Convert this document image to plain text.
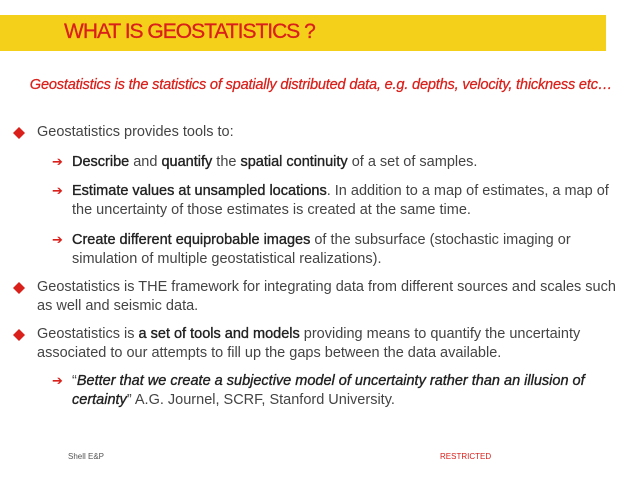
WHAT IS GEOSTATISTICS ?
Geostatistics is the statistics of spatially distributed data, e.g. depths, velocity, thickness etc…
Geostatistics provides tools to:
➔ Describe and quantify the spatial continuity of a set of samples.
➔ Estimate values at unsampled locations. In addition to a map of estimates, a map of the uncertainty of those estimates is created at the same time.
➔ Create different equiprobable images of the subsurface (stochastic imaging or simulation of multiple geostatistical realizations).
Geostatistics is THE framework for integrating data from different sources and scales such as well and seismic data.
Geostatistics is a set of tools and models providing means to quantify the uncertainty associated to our attempts to fill up the gaps between the data available.
➔ “Better that we create a subjective model of uncertainty rather than an illusion of certainty” A.G. Journel, SCRF, Stanford University.
Shell E&P	RESTRICTED
